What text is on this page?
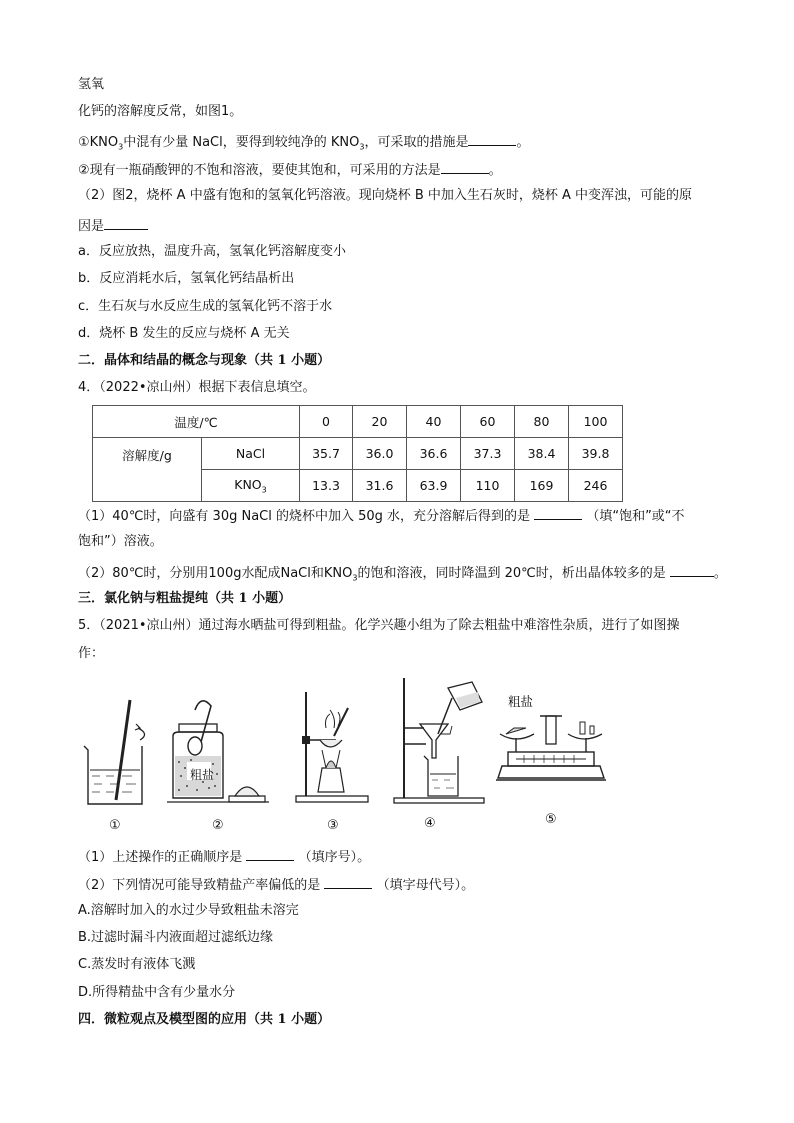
氢氧
化钙的溶解度反常，如图1。
$①KNO_3$中混有少量 NaCl，要得到较纯净的 $KNO_3$，可采取的措施是	。
②现有一瓶硝酸钾的不饱和溶液，要使其饱和，可采用的方法是	。
（2）图2，烧杯 A 中盛有饱和的氢氧化钙溶液。现向烧杯 B 中加入生石灰时，烧杯 A 中变浑浊，可能的原
因是
a．反应放热，温度升高，氢氧化钙溶解度变小
b．反应消耗水后，氢氧化钙结晶析出
c．生石灰与水反应生成的氢氧化钙不溶于水
d．烧杯 B 发生的反应与烧杯 A 无关
二．晶体和结晶的概念与现象（共 1 小题）
4．（2022•凉山州）根据下表信息填空。
温度/℃		0	20	40	60	80	100
溶解度/g	NaCl	35.7	36.0	36.6	37.3	38.4	39.8
	$KNO_3$	13.3	31.6	63.9	110	169	246
（1）40℃时，向盛有 30g NaCl 的烧杯中加入 50g 水，充分溶解后得到的是	（填“饱和”或“不
饱和”）溶液。
（2）80℃时，分别用100g水配成NaCl和$KNO_3$的饱和溶液，同时降温到 20℃时，析出晶体较多的是	。
三．氯化钠与粗盐提纯（共 1 小题）
5．（2021•凉山州）通过海水晒盐可得到粗盐。化学兴趣小组为了除去粗盐中难溶性杂质，进行了如图操
作：
①
粗盐
②	③	④
粗盐
⑤
（1）上述操作的正确顺序是	（填序号）。
（2）下列情况可能导致精盐产率偏低的是	（填字母代号）。
A.溶解时加入的水过少导致粗盐未溶完
B.过滤时漏斗内液面超过滤纸边缘
C.蒸发时有液体飞溅
D.所得精盐中含有少量水分
四．微粒观点及模型图的应用（共 1 小题）
